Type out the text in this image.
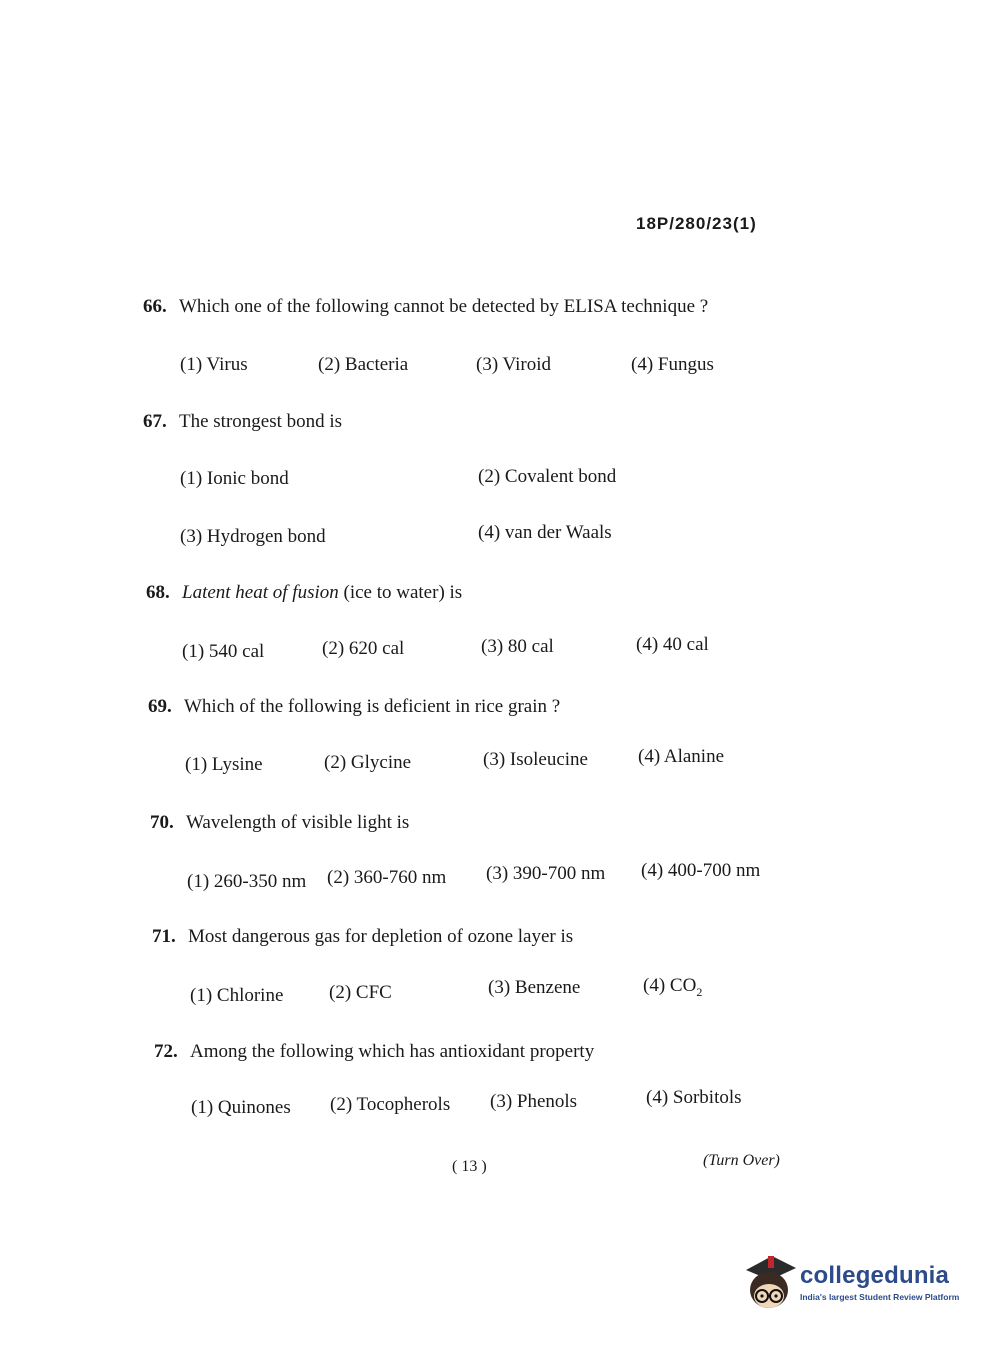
18P/280/23(1)
66. Which one of the following cannot be detected by ELISA technique ?
(1) Virus	(2) Bacteria	(3) Viroid	(4) Fungus
67. The strongest bond is
(1) Ionic bond	(2) Covalent bond
(3) Hydrogen bond	(4) van der Waals
68. Latent heat of fusion (ice to water) is
(1) 540 cal	(2) 620 cal	(3) 80 cal	(4) 40 cal
69. Which of the following is deficient in rice grain ?
(1) Lysine	(2) Glycine	(3) Isoleucine	(4) Alanine
70. Wavelength of visible light is
(1) 260-350 nm (2) 360-760 nm (3) 390-700 nm (4) 400-700 nm
71. Most dangerous gas for depletion of ozone layer is
(1) Chlorine (2) CFC	(3) Benzene	(4) $CO_2$
72. Among the following which has antioxidant property
(1) Quinones (2) Tocopherols (3) Phenols	(4) Sorbitols
( 13 )	(Turn Over)
collegedunia
India's largest Student Review Platform
